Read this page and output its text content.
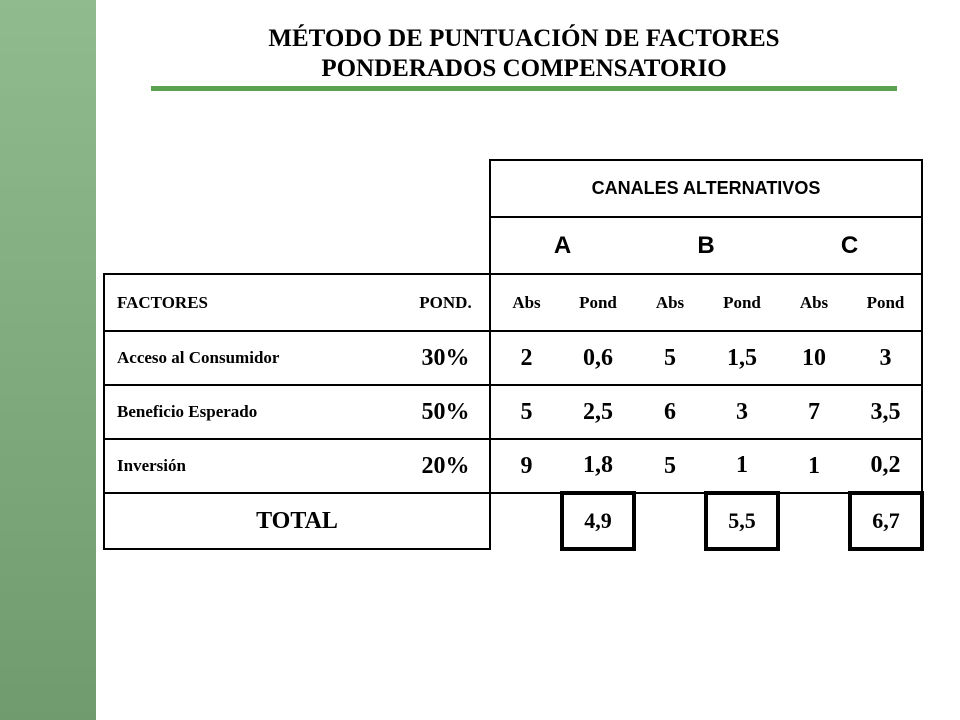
MÉTODO DE PUNTUACIÓN DE FACTORES
PONDERADOS COMPENSATORIO
		CANALES ALTERNATIVOS					
		A		B		C	
FACTORES	POND.	Abs	Pond	Abs	Pond	Abs	Pond
Acceso al Consumidor	30%	2	0,6	5	1,5	10	3
Beneficio Esperado	50%	5	2,5	6	3	7	3,5
Inversión	20%	9	1,8	5	1	1	0,2
TOTAL			4,9		5,5		6,7
